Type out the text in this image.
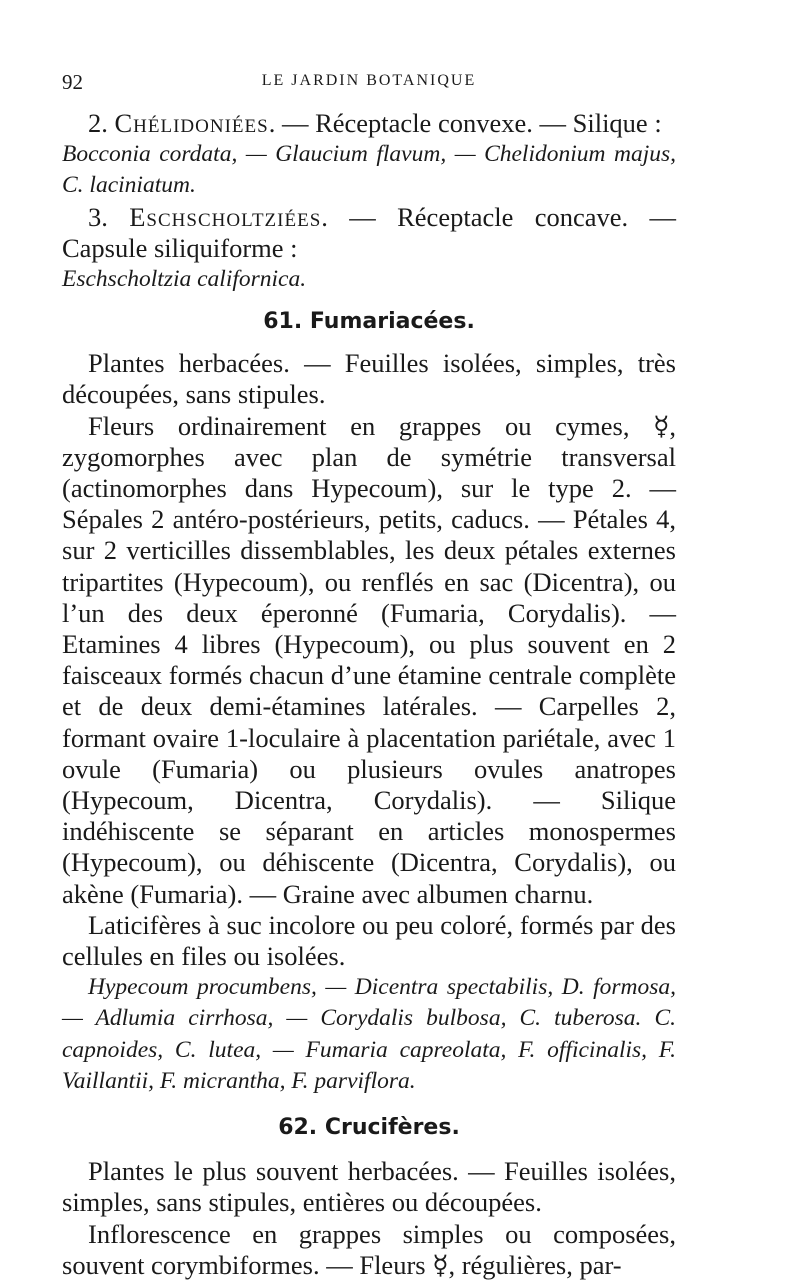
92	LE JARDIN BOTANIQUE

2. Chélidoniées. — Réceptacle convexe. — Silique :

Bocconia cordata, — Glaucium flavum, — Chelidonium majus, C. laciniatum.

3. Eschscholtziées. — Réceptacle concave. — Capsule siliquiforme :

Eschscholtzia californica.

61. Fumariacées.

Plantes herbacées. — Feuilles isolées, simples, très découpées, sans stipules.

Fleurs ordinairement en grappes ou cymes, ☿, zygomorphes avec plan de symétrie transversal (actinomorphes dans Hypecoum), sur le type 2. — Sépales 2 antéro-postérieurs, petits, caducs. — Pétales 4, sur 2 verticilles dissemblables, les deux pétales externes tripartites (Hypecoum), ou renflés en sac (Dicentra), ou l’un des deux éperonné (Fumaria, Corydalis). — Etamines 4 libres (Hypecoum), ou plus souvent en 2 faisceaux formés chacun d’une étamine centrale complète et de deux demi-étamines latérales. — Carpelles 2, formant ovaire 1-loculaire à placentation pariétale, avec 1 ovule (Fumaria) ou plusieurs ovules anatropes (Hypecoum, Dicentra, Corydalis). — Silique indéhiscente se séparant en articles monospermes (Hypecoum), ou déhiscente (Dicentra, Corydalis), ou akène (Fumaria). — Graine avec albumen charnu.

Laticifères à suc incolore ou peu coloré, formés par des cellules en files ou isolées.

Hypecoum procumbens, — Dicentra spectabilis, D. formosa, — Adlumia cirrhosa, — Corydalis bulbosa, C. tuberosa. C. capnoides, C. lutea, — Fumaria capreolata, F. officinalis, F. Vaillantii, F. micrantha, F. parviflora.

62. Crucifères.

Plantes le plus souvent herbacées. — Feuilles isolées, simples, sans stipules, entières ou découpées.

Inflorescence en grappes simples ou composées, souvent corymbiformes. — Fleurs ☿, régulières, par-
